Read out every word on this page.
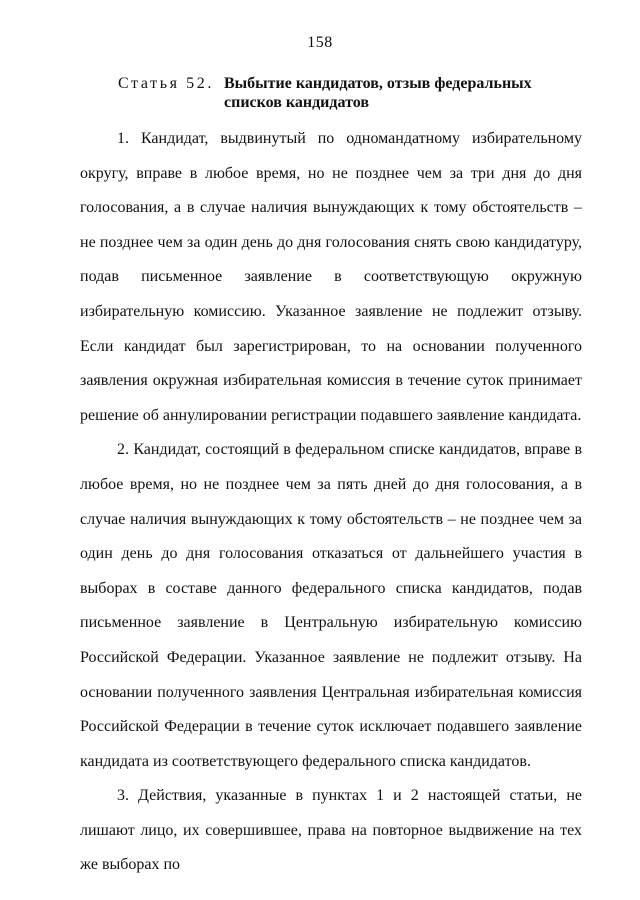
158
Статья 52. Выбытие кандидатов, отзыв федеральных списков кандидатов

1. Кандидат, выдвинутый по одномандатному избирательному округу, вправе в любое время, но не позднее чем за три дня до дня голосования, а в случае наличия вынуждающих к тому обстоятельств – не позднее чем за один день до дня голосования снять свою кандидатуру, подав письменное заявление в соответствующую окружную избирательную комиссию. Указанное заявление не подлежит отзыву. Если кандидат был зарегистрирован, то на основании полученного заявления окружная избирательная комиссия в течение суток принимает решение об аннулировании регистрации подавшего заявление кандидата.

2. Кандидат, состоящий в федеральном списке кандидатов, вправе в любое время, но не позднее чем за пять дней до дня голосования, а в случае наличия вынуждающих к тому обстоятельств – не позднее чем за один день до дня голосования отказаться от дальнейшего участия в выборах в составе данного федерального списка кандидатов, подав письменное заявление в Центральную избирательную комиссию Российской Федерации. Указанное заявление не подлежит отзыву. На основании полученного заявления Центральная избирательная комиссия Российской Федерации в течение суток исключает подавшего заявление кандидата из соответствующего федерального списка кандидатов.

3. Действия, указанные в пунктах 1 и 2 настоящей статьи, не лишают лицо, их совершившее, права на повторное выдвижение на тех же выборах по
